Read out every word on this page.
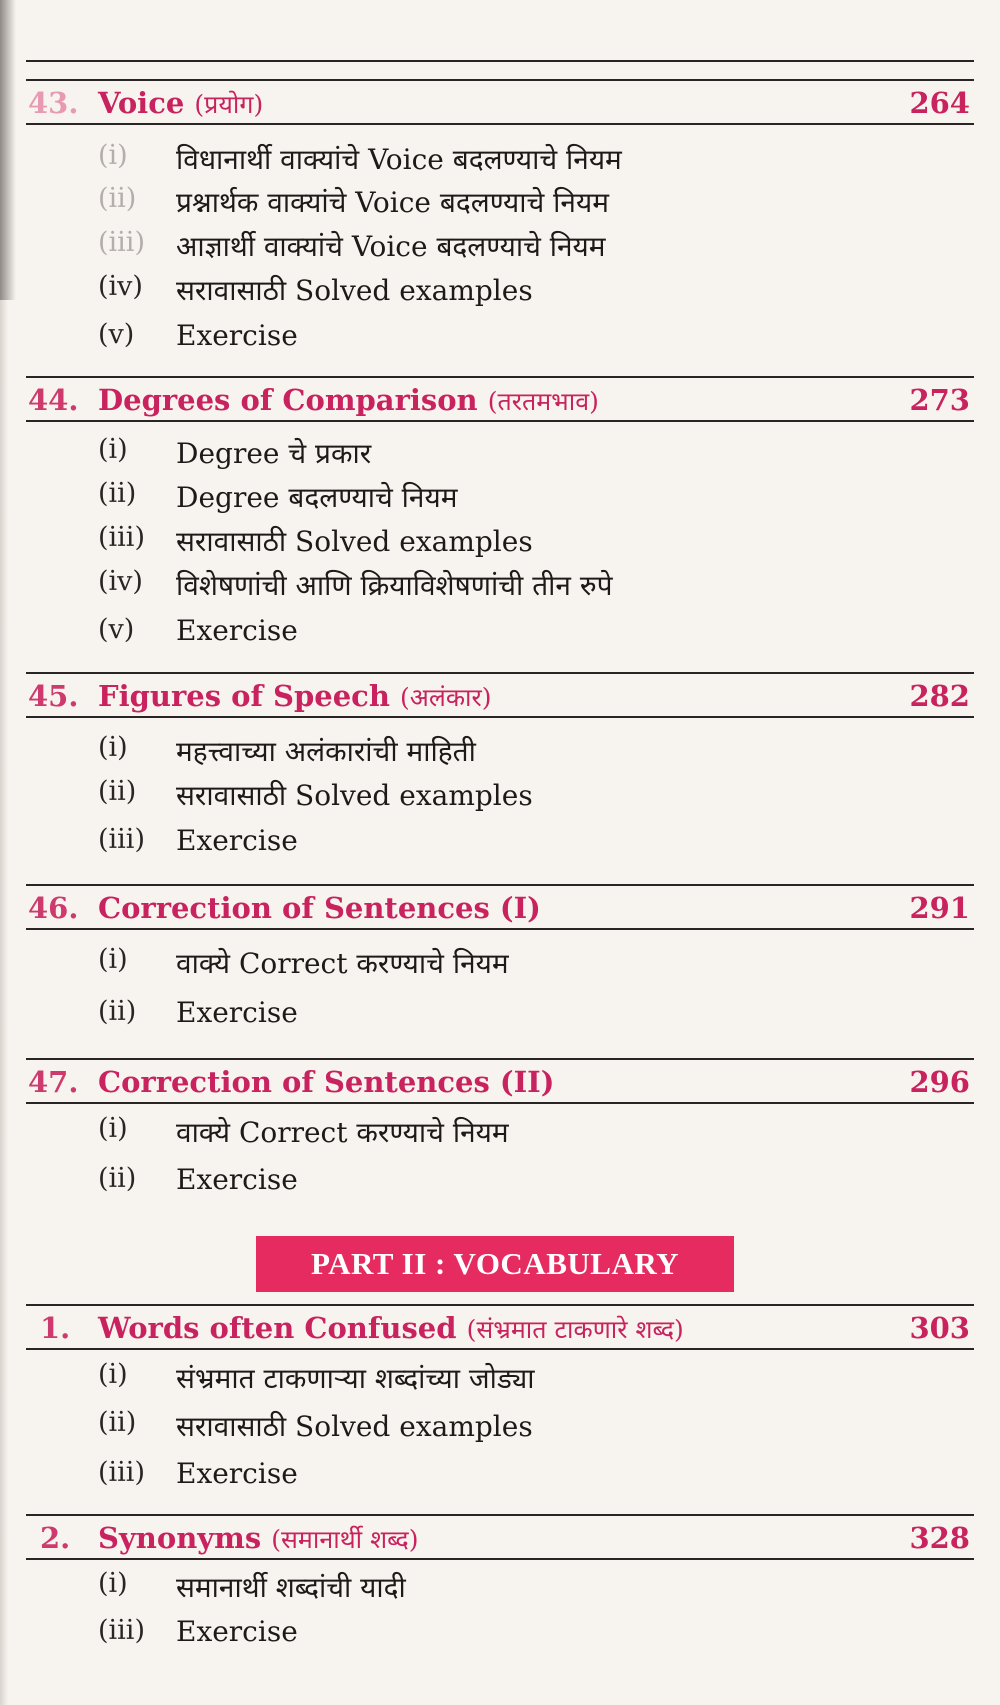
43. Voice (प्रयोग)	264
(i) विधानार्थी वाक्यांचे Voice बदलण्याचे नियम
(ii) प्रश्नार्थक वाक्यांचे Voice बदलण्याचे नियम
(iii) आज्ञार्थी वाक्यांचे Voice बदलण्याचे नियम
(iv) सरावासाठी Solved examples
(v) Exercise
44. Degrees of Comparison (तरतमभाव)	273
(i) Degree चे प्रकार
(ii) Degree बदलण्याचे नियम
(iii) सरावासाठी Solved examples
(iv) विशेषणांची आणि क्रियाविशेषणांची तीन रुपे
(v) Exercise
45. Figures of Speech (अलंकार)	282
(i) महत्त्वाच्या अलंकारांची माहिती
(ii) सरावासाठी Solved examples
(iii) Exercise
46. Correction of Sentences (I)	291
(i) वाक्ये Correct करण्याचे नियम
(ii) Exercise
47. Correction of Sentences (II)	296
(i) वाक्ये Correct करण्याचे नियम
(ii) Exercise
PART II : VOCABULARY
1. Words often Confused (संभ्रमात टाकणारे शब्द)	303
(i) संभ्रमात टाकणाऱ्या शब्दांच्या जोड्या
(ii) सरावासाठी Solved examples
(iii) Exercise
2. Synonyms (समानार्थी शब्द)	328
(i) समानार्थी शब्दांची यादी
(iii) Exercise
